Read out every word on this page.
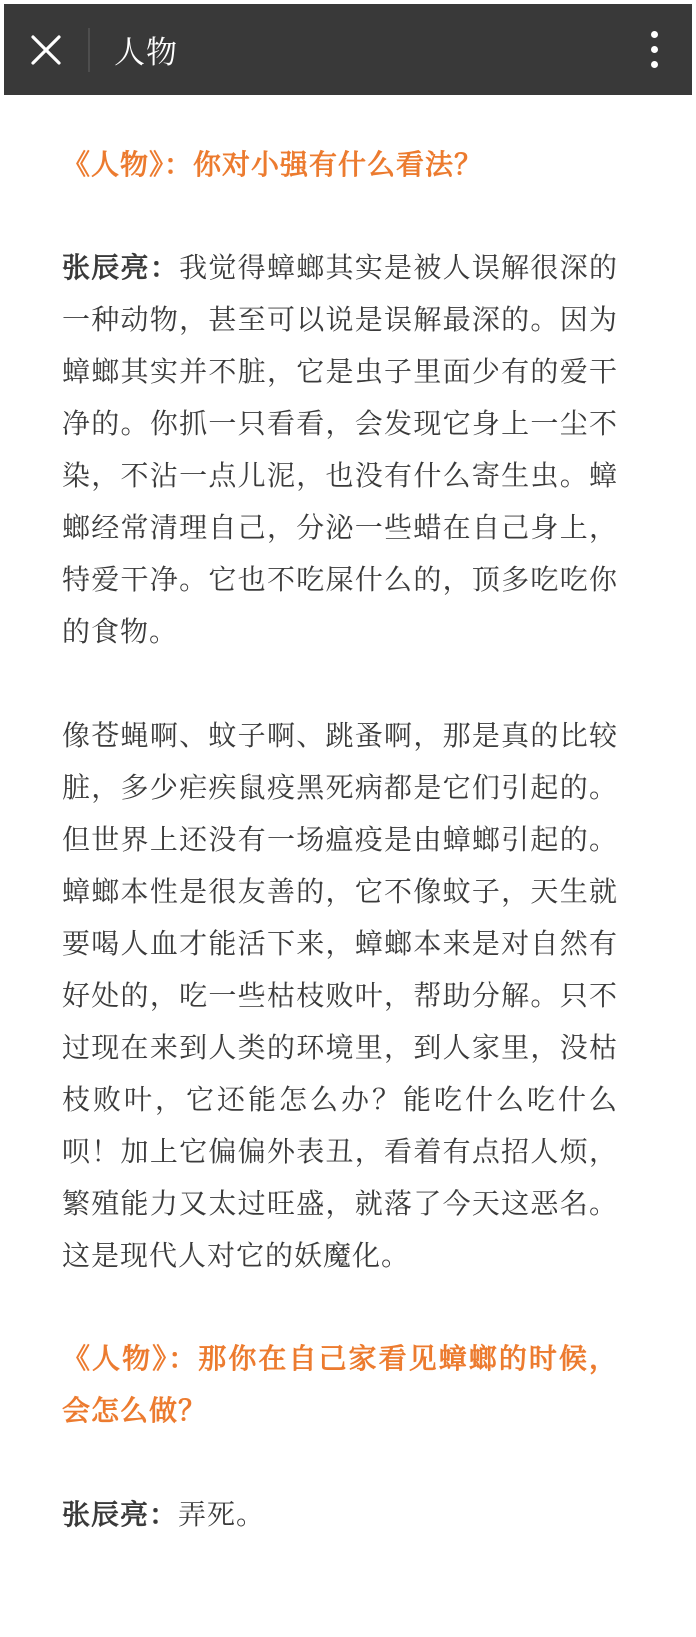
人物

《人物》：你对小强有什么看法？

张辰亮：我觉得蟑螂其实是被人误解很深的一种动物，甚至可以说是误解最深的。因为蟑螂其实并不脏，它是虫子里面少有的爱干净的。你抓一只看看，会发现它身上一尘不染，不沾一点儿泥，也没有什么寄生虫。蟑螂经常清理自己，分泌一些蜡在自己身上，特爱干净。它也不吃屎什么的，顶多吃吃你的食物。

像苍蝇啊、蚊子啊、跳蚤啊，那是真的比较脏，多少疟疾鼠疫黑死病都是它们引起的。但世界上还没有一场瘟疫是由蟑螂引起的。蟑螂本性是很友善的，它不像蚊子，天生就要喝人血才能活下来，蟑螂本来是对自然有好处的，吃一些枯枝败叶，帮助分解。只不过现在来到人类的环境里，到人家里，没枯枝败叶，它还能怎么办？能吃什么吃什么呗！加上它偏偏外表丑，看着有点招人烦，繁殖能力又太过旺盛，就落了今天这恶名。这是现代人对它的妖魔化。

《人物》：那你在自己家看见蟑螂的时候，会怎么做？

张辰亮：弄死。
